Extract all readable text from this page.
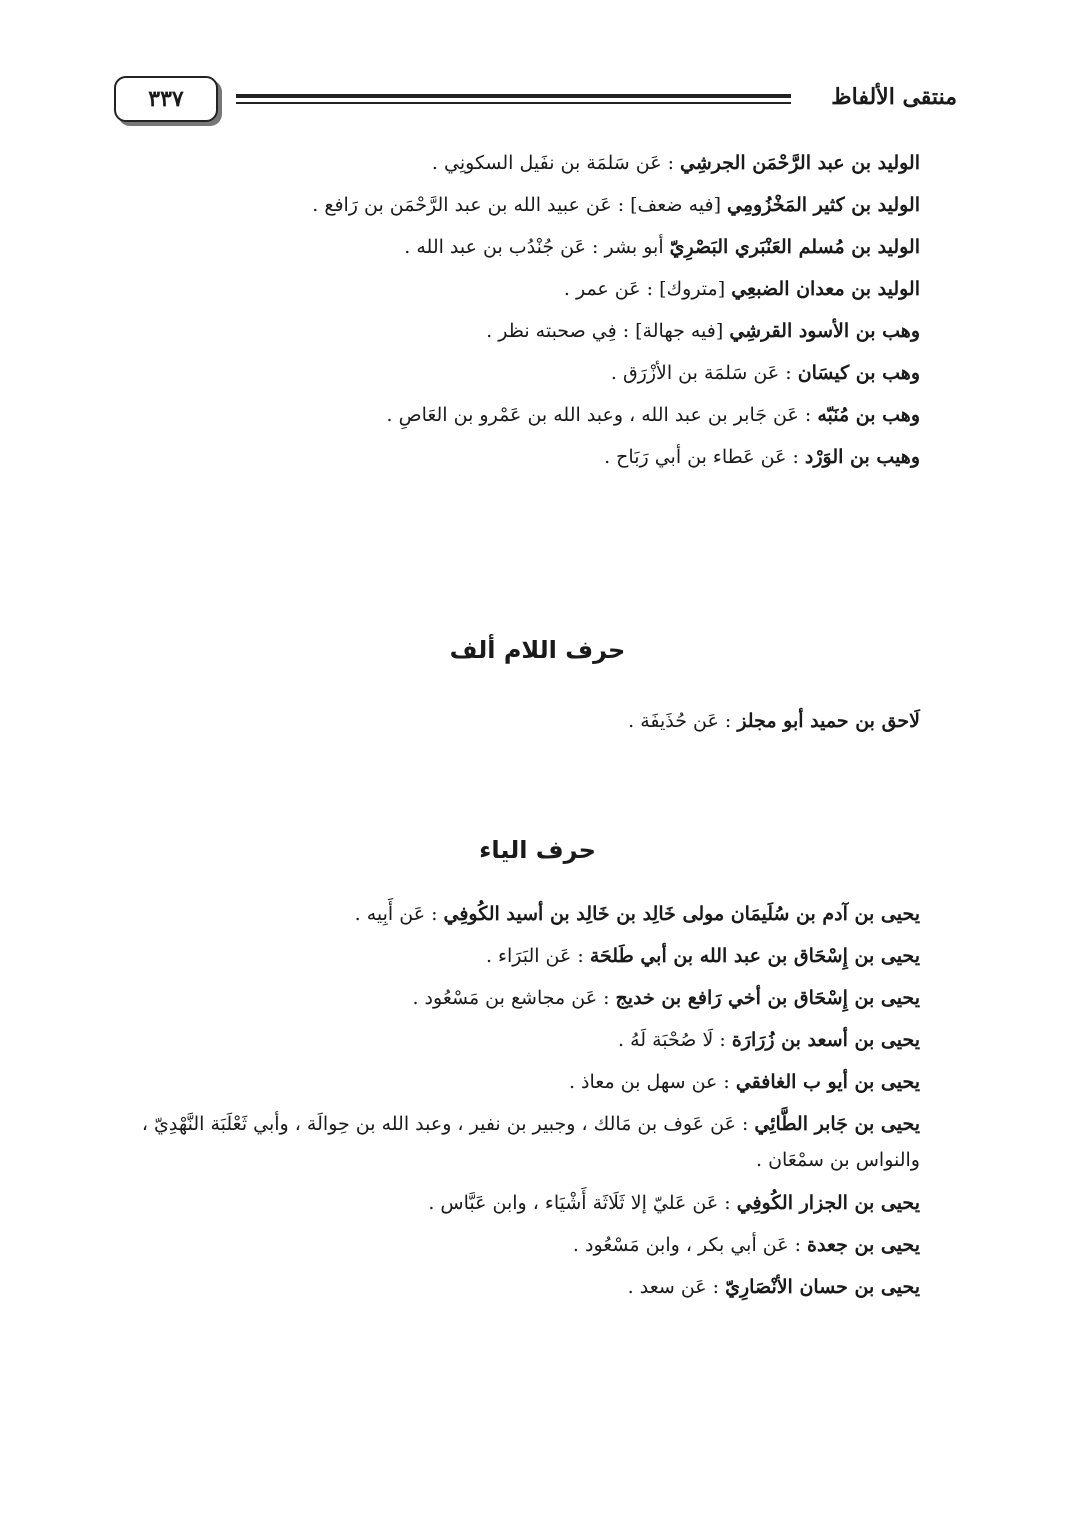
منتقى الألفاظ
٣٣٧
الوليد بن عبد الرَّحْمَن الجرشِي : عَن سَلمَة بن نفَيل السكونِي .
الوليد بن كثير المَخْزُومِي [فيه ضعف] : عَن عبيد الله بن عبد الرَّحْمَن بن رَافع .
الوليد بن مُسلم العَنْبَري البَصْرِيّ أبو بشر : عَن جُنْدُب بن عبد الله .
الوليد بن معدان الضبعِي [متروك] : عَن عمر .
وهب بن الأسود القرشِي [فيه جهالة] : فِي صحبته نظر .
وهب بن كيسَان : عَن سَلمَة بن الأزْرَق .
وهب بن مُنَبّه : عَن جَابر بن عبد الله ، وعبد الله بن عَمْرو بن العَاصِ .
وهيب بن الوَرْد : عَن عَطاء بن أبي رَبَاح .
حرف اللام ألف
لَاحق بن حميد أبو مجلز : عَن حُذَيفَة .
حرف الياء
يحيى بن آدم بن سُلَيمَان مولى خَالِد بن خَالِد بن أسيد الكُوفِي : عَن أَبِيه .
يحيى بن إِسْحَاق بن عبد الله بن أبي طَلحَة : عَن البَرَاء .
يحيى بن إِسْحَاق بن أخي رَافع بن خديج : عَن مجاشع بن مَسْعُود .
يحيى بن أسعد بن زُرَارَة : لَا صُحْبَة لَهُ .
يحيى بن أيو ب الغافقي : عن سهل بن معاذ .
يحيى بن جَابر الطَّائِي : عَن عَوف بن مَالك ، وجبير بن نفير ، وعبد الله بن حِوالَة ، وأبي ثَعْلَبَة النَّهْدِيّ ، والنواس بن سمْعَان .
يحيى بن الجزار الكُوفِي : عَن عَليّ إلا ثَلَاثَة أَشْيَاء ، وابن عَبَّاس .
يحيى بن جعدة : عَن أبي بكر ، وابن مَسْعُود .
يحيى بن حسان الأنْصَارِيّ : عَن سعد .
